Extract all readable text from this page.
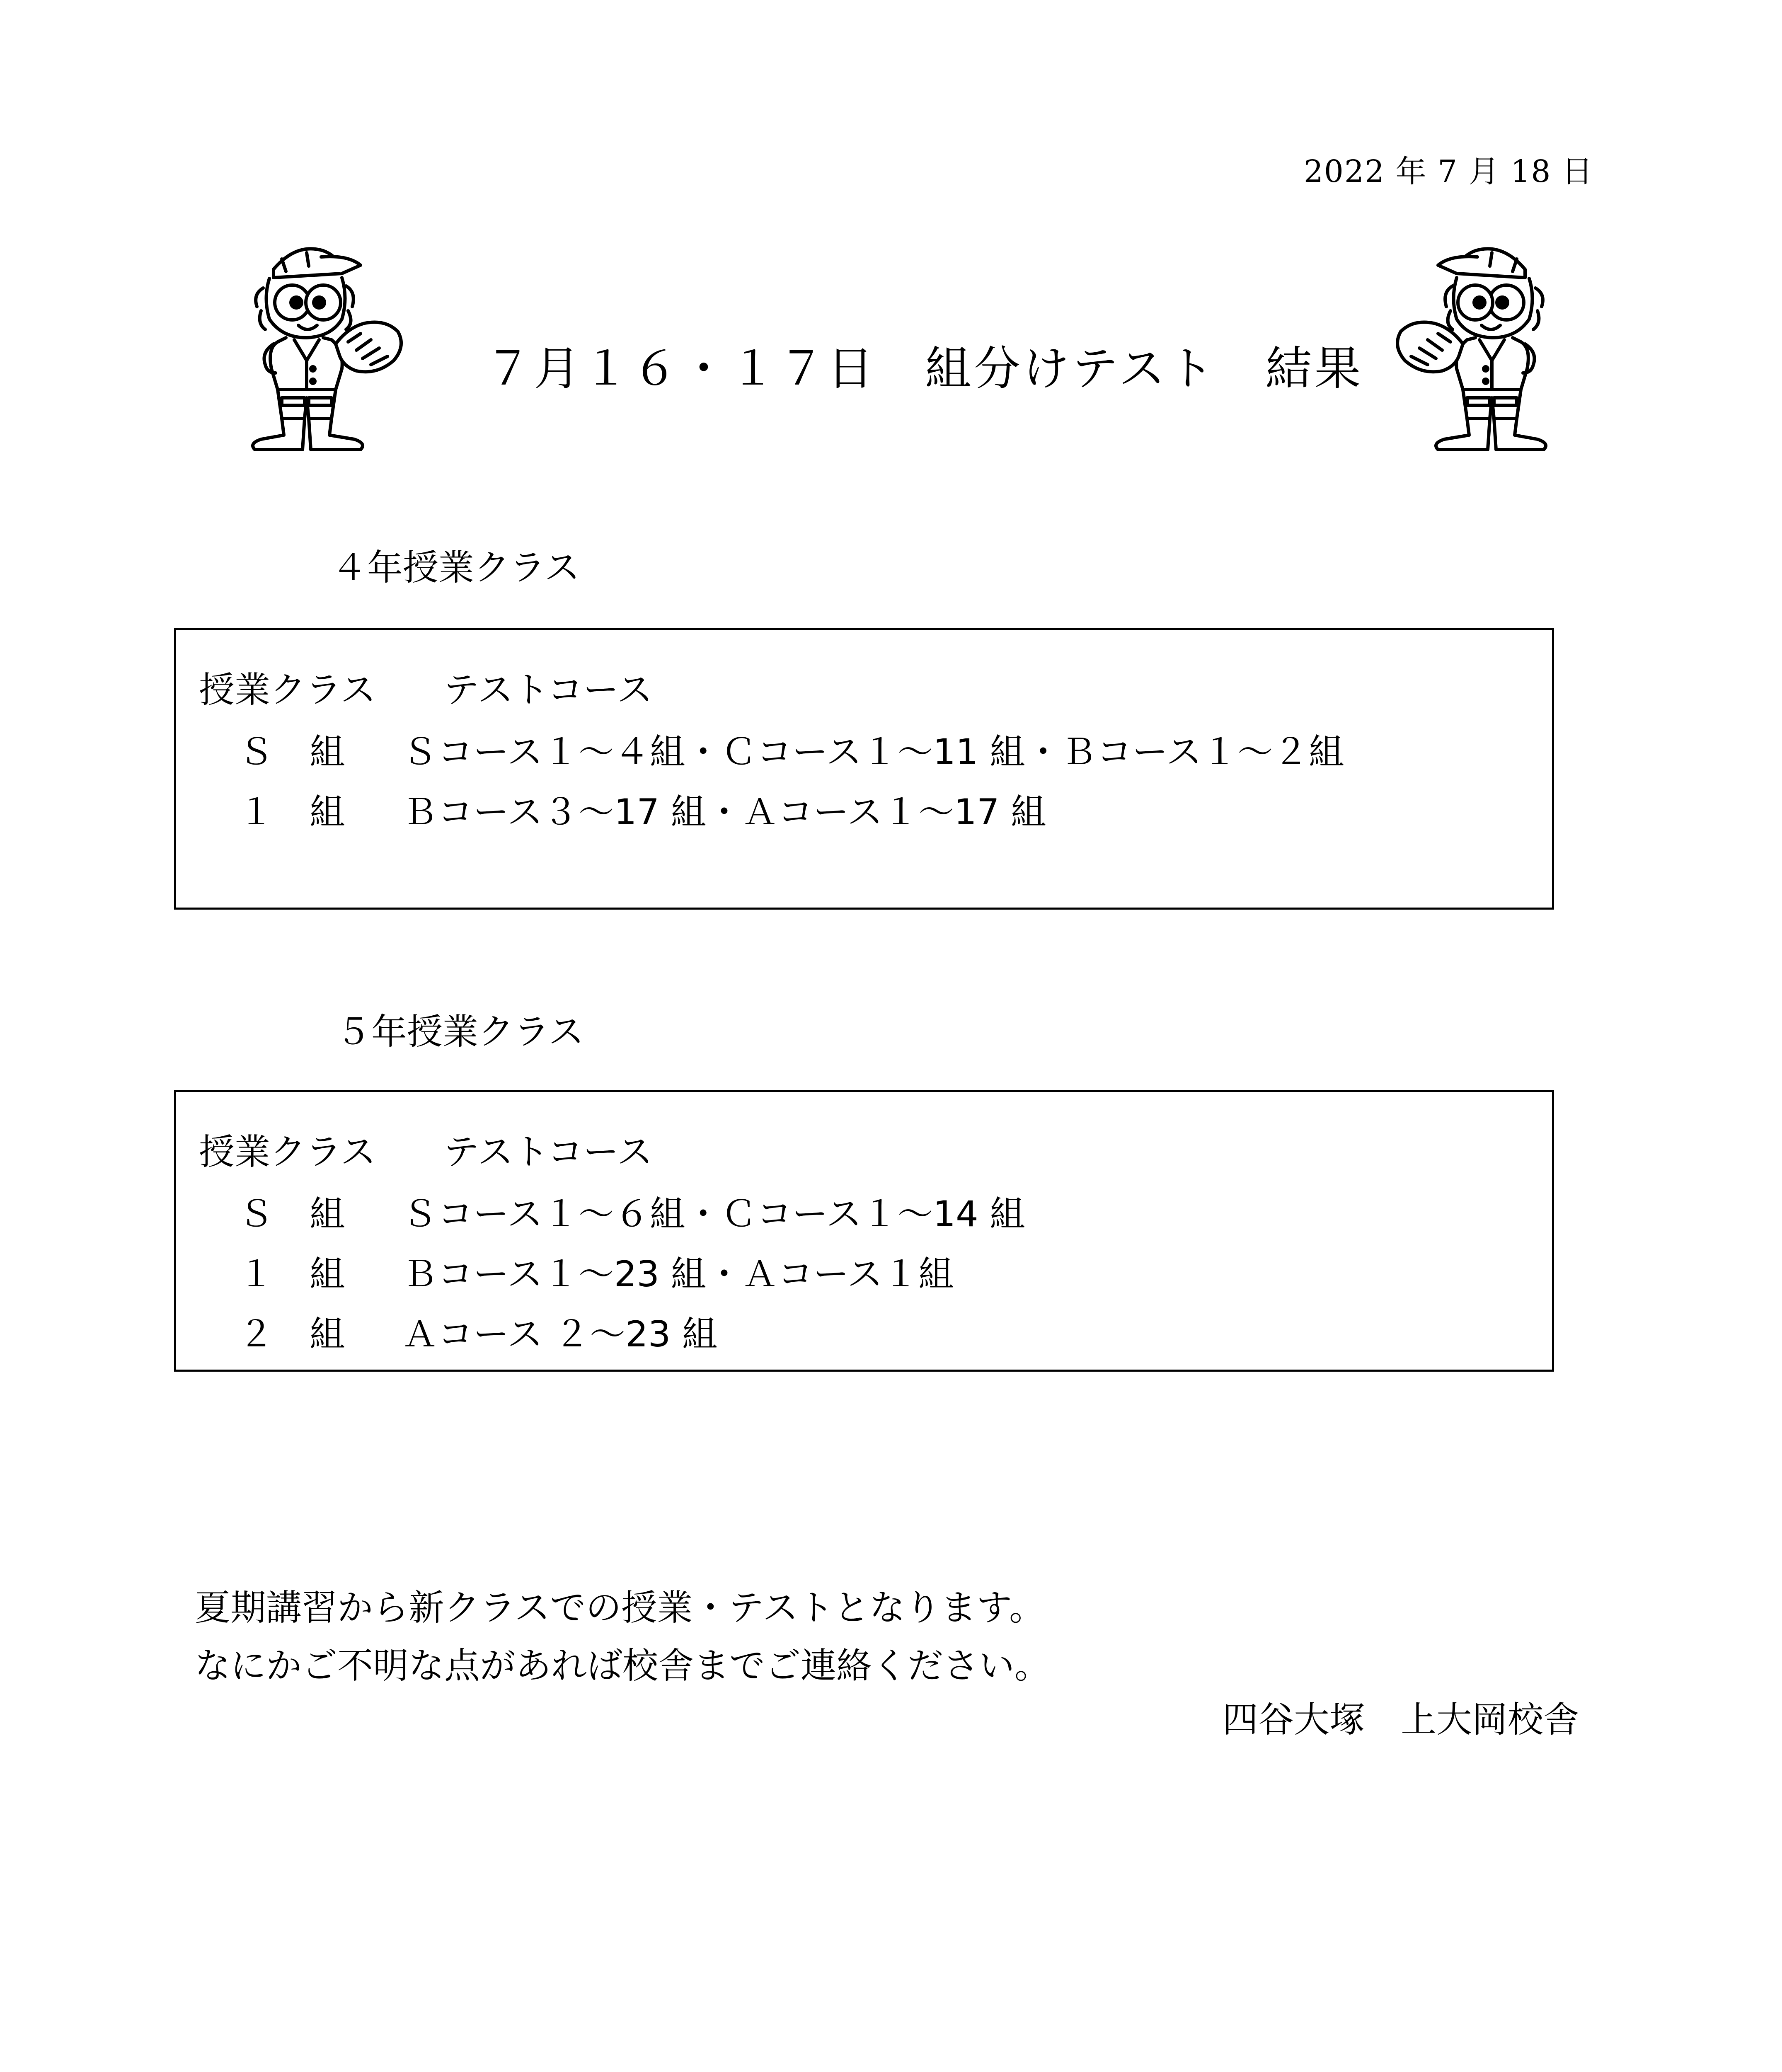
2022 年 7 月 18 日
７月１６・１７日　組分けテスト　結果
４年授業クラス
授業クラス テストコース
Ｓ　組 Ｓコース１～４組・Ｃコース１～11 組・Ｂコース１～２組
１　組 Ｂコース３～17 組・Ａコース１～17 組
５年授業クラス
授業クラス テストコース
Ｓ　組 Ｓコース１～６組・Ｃコース１～14 組
１　組 Ｂコース１～23 組・Ａコース１組
２　組 Ａコース ２～23 組
夏期講習から新クラスでの授業・テストとなります。
なにかご不明な点があれば校舎までご連絡ください。
四谷大塚　上大岡校舎
